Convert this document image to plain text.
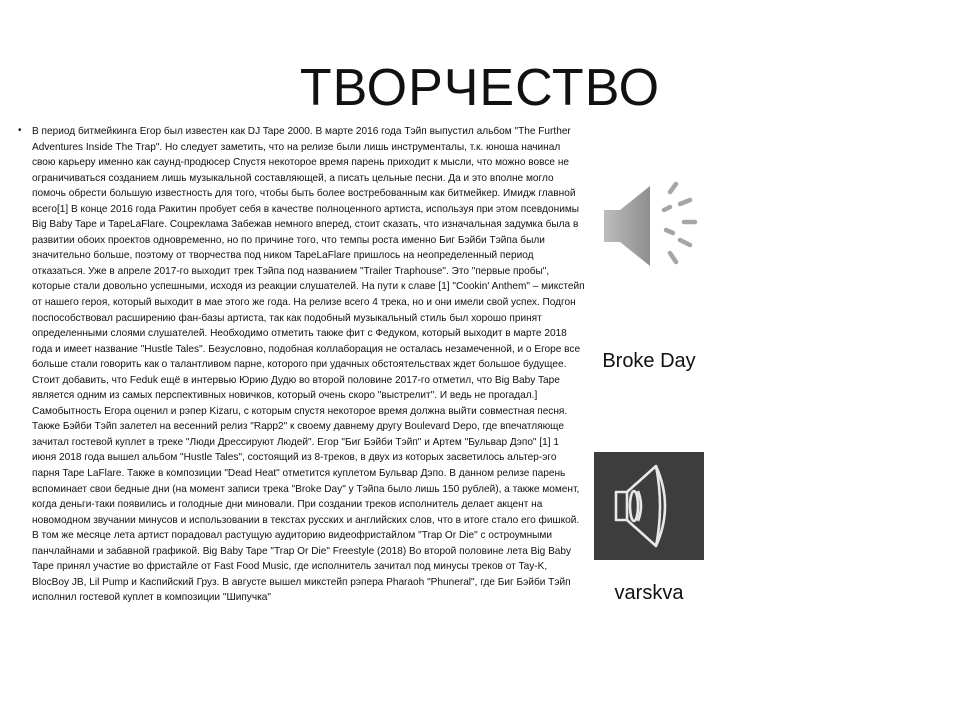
ТВОРЧЕСТВО
• В период битмейкинга Егор был известен как DJ Tape 2000. В марте 2016 года Тэйп выпустил альбом "The Further Adventures Inside The Trap". Но следует заметить, что на релизе были лишь инструменталы, т.к. юноша начинал свою карьеру именно как саунд-продюсер Спустя некоторое время парень приходит к мысли, что можно вовсе не ограничиваться созданием лишь музыкальной составляющей, а писать цельные песни. Да и это вполне могло помочь обрести большую известность для того, чтобы быть более востребованным как битмейкер. Имидж главной всего[1] В конце 2016 года Ракитин пробует себя в качестве полноценного артиста, используя при этом псевдонимы Big Baby Tape и TapeLaFlare. Соцреклама Забежав немного вперед, стоит сказать, что изначальная задумка была в развитии обоих проектов одновременно, но по причине того, что темпы роста именно Биг Бэйби Тэйпа были значительно больше, поэтому от творчества под ником TapeLaFlare пришлось на неопределенный период отказаться. Уже в апреле 2017-го выходит трек Тэйпа под названием "Trailer Traphouse". Это "первые пробы", которые стали довольно успешными, исходя из реакции слушателей. На пути к славе [1] "Cookin' Anthem" – микстейп от нашего героя, который выходит в мае этого же года. На релизе всего 4 трека, но и они имели свой успех. Подгон поспособствовал расширению фан-базы артиста, так как подобный музыкальный стиль был хорошо принят определенными слоями слушателей. Необходимо отметить также фит с Федуком, который выходит в марте 2018 года и имеет название "Hustle Tales". Безусловно, подобная коллаборация не осталась незамеченной, и о Егоре все больше стали говорить как о талантливом парне, которого при удачных обстоятельствах ждет большое будущее. Стоит добавить, что Feduk ещё в интервью Юрию Дудю во второй половине 2017-го отметил, что Big Baby Tape является одним из самых перспективных новичков, который очень скоро "выстрелит". И ведь не прогадал.] Самобытность Егора оценил и рэпер Kizaru, с которым спустя некоторое время должна выйти совместная песня. Также Бэйби Тэйп залетел на весенний релиз "Rapp2" к своему давнему другу Boulevard Depo, где впечатляюще зачитал гостевой куплет в треке "Люди Дрессируют Людей". Егор "Биг Бэйби Тэйп" и Артем "Бульвар Дэпо" [1] 1 июня 2018 года вышел альбом "Hustle Tales", состоящий из 8-треков, в двух из которых засветилось альтер-эго парня Tape LaFlare. Также в композиции "Dead Heat" отметится куплетом Бульвар Дэпо. В данном релизе парень вспоминает свои бедные дни (на момент записи трека "Broke Day" у Тэйпа было лишь 150 рублей), а также момент, когда деньги-таки появились и голодные дни миновали. При создании треков исполнитель делает акцент на новомодном звучании минусов и использовании в текстах русских и английских слов, что в итоге стало его фишкой. В том же месяце лета артист порадовал растущую аудиторию видеофристайлом "Trap Or Die" с остроумными панчлайнами и забавной графикой. Big Baby Tape "Trap Or Die" Freestyle (2018) Во второй половине лета Big Baby Tape принял участие во фристайле от Fast Food Music, где исполнитель зачитал под минусы треков от Tay-K, BlocBoy JB, Lil Pump и Каспийский Груз. В августе вышел микстейп рэпера Pharaoh "Phuneral", где Биг Бэйби Тэйп исполнил гостевой куплет в композиции "Шипучка"
Broke Day
varskva
